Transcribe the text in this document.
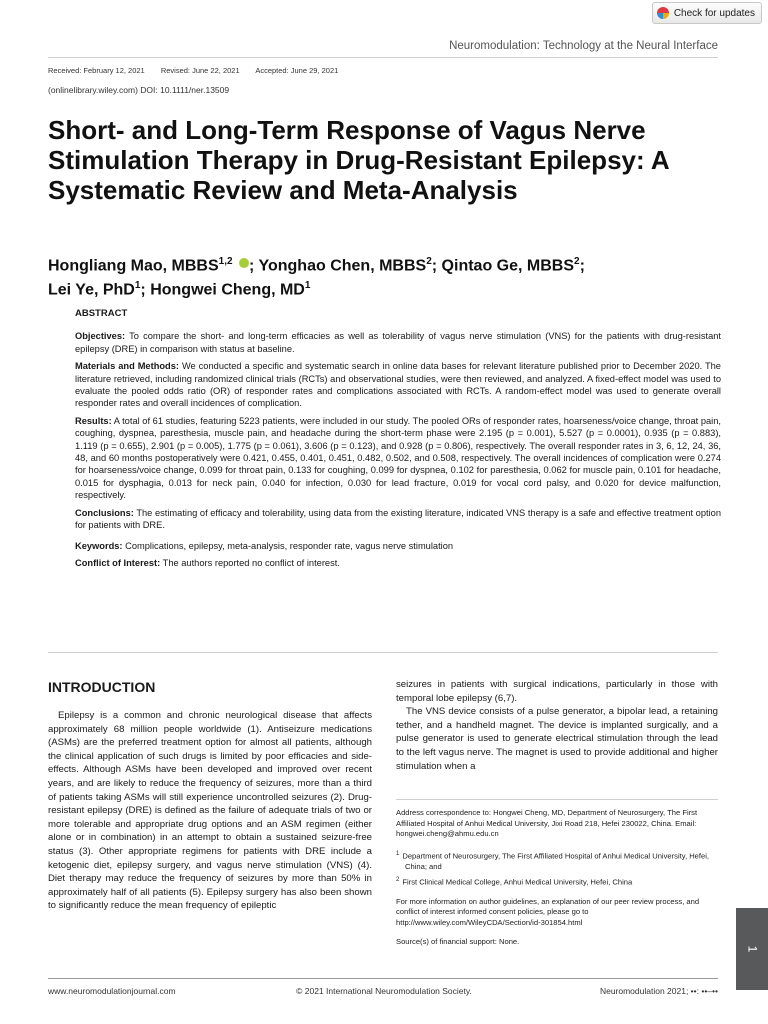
Check for updates
Neuromodulation: Technology at the Neural Interface
Received: February 12, 2021 Revised: June 22, 2021 Accepted: June 29, 2021
(onlinelibrary.wiley.com) DOI: 10.1111/ner.13509
Short- and Long-Term Response of Vagus Nerve Stimulation Therapy in Drug-Resistant Epilepsy: A Systematic Review and Meta-Analysis
Hongliang Mao, MBBS$^{1,2}$ ; Yonghao Chen, MBBS$^2$; Qintao Ge, MBBS$^2$;
Lei Ye, PhD$^1$; Hongwei Cheng, $MD^1$
ABSTRACT

Objectives: To compare the short- and long-term efficacies as well as tolerability of vagus nerve stimulation (VNS) for the patients with drug-resistant epilepsy (DRE) in comparison with status at baseline.

Materials and Methods: We conducted a specific and systematic search in online data bases for relevant literature published prior to December 2020. The literature retrieved, including randomized clinical trials (RCTs) and observational studies, were then reviewed, and analyzed. A fixed-effect model was used to evaluate the pooled odds ratio (OR) of responder rates and complications associated with RCTs. A random-effect model was used to generate overall responder rates and overall incidences of complication.

Results: A total of 61 studies, featuring 5223 patients, were included in our study. The pooled ORs of responder rates, hoarseness/voice change, throat pain, coughing, dyspnea, paresthesia, muscle pain, and headache during the short-term phase were 2.195 (p = 0.001), 5.527 (p = 0.0001), 0.935 (p = 0.883), 1.119 (p = 0.655), 2.901 (p = 0.005), 1.775 (p = 0.061), 3.606 (p = 0.123), and 0.928 (p = 0.806), respectively. The overall responder rates in 3, 6, 12, 24, 36, 48, and 60 months postoperatively were 0.421, 0.455, 0.401, 0.451, 0.482, 0.502, and 0.508, respectively. The overall incidences of complication were 0.274 for hoarseness/voice change, 0.099 for throat pain, 0.133 for coughing, 0.099 for dyspnea, 0.102 for paresthesia, 0.062 for muscle pain, 0.101 for headache, 0.015 for dysphagia, 0.013 for neck pain, 0.040 for infection, 0.030 for lead fracture, 0.019 for vocal cord palsy, and 0.020 for device malfunction, respectively.

Conclusions: The estimating of efficacy and tolerability, using data from the existing literature, indicated VNS therapy is a safe and effective treatment option for patients with DRE.

Keywords: Complications, epilepsy, meta-analysis, responder rate, vagus nerve stimulation

Conflict of Interest: The authors reported no conflict of interest.

INTRODUCTION

Epilepsy is a common and chronic neurological disease that affects approximately 68 million people worldwide (1). Antiseizure medications (ASMs) are the preferred treatment option for almost all patients, although the clinical application of such drugs is limited by poor efficacies and side-effects. Although ASMs have been developed and improved over recent years, and are likely to reduce the frequency of seizures, more than a third of patients taking ASMs will still experience uncontrolled seizures (2). Drug-resistant epilepsy (DRE) is defined as the failure of adequate trials of two or more tolerable and appropriate drug options and an ASM regimen (either alone or in combination) in an attempt to obtain a sustained seizure-free status (3). Other appropriate regimens for patients with DRE include a ketogenic diet, epilepsy surgery, and vagus nerve stimulation (VNS) (4). Diet therapy may reduce the frequency of seizures by more than 50% in approximately half of all patients (5). Epilepsy surgery has also been shown to significantly reduce the mean frequency of epileptic

seizures in patients with surgical indications, particularly in those with temporal lobe epilepsy (6,7).

The VNS device consists of a pulse generator, a bipolar lead, a retaining tether, and a handheld magnet. The device is implanted surgically, and a pulse generator is used to generate electrical stimulation through the lead to the left vagus nerve. The magnet is used to provide additional and higher stimulation when a

Address correspondence to: Hongwei Cheng, MD, Department of Neurosurgery, The First Affiliated Hospital of Anhui Medical University, Jixi Road 218, Hefei 230022, China. Email: hongwei.cheng@ahmu.edu.cn

$^1$ Department of Neurosurgery, The First Affiliated Hospital of Anhui Medical University, Hefei, China; and

$^2$ First Clinical Medical College, Anhui Medical University, Hefei, China

For more information on author guidelines, an explanation of our peer review process, and conflict of interest informed consent policies, please go to http://www.wiley.com/WileyCDA/Section/id-301854.html

Source(s) of financial support: None.

1
www.neuromodulationjournal.com	© 2021 International Neuromodulation Society.	Neuromodulation 2021; ••: ••–••
